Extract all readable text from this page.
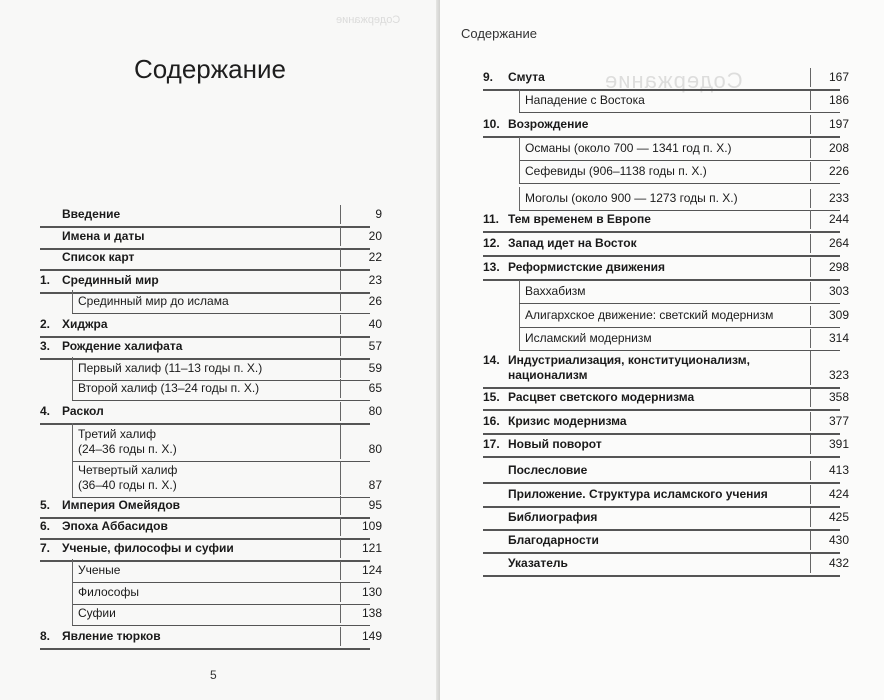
Содержание
Содержание
Введение	9
Имена и даты	20
Список карт	22
1. Срединный мир	23
Срединный мир до ислама	26
2. Хиджра	40
3. Рождение халифата	57
Первый халиф (11–13 годы п. Х.)	59
Второй халиф (13–24 годы п. Х.)	65
4. Раскол	80
Третий халиф
(24–36 годы п. Х.)	80
Четвертый халиф
(36–40 годы п. Х.)	87
5. Империя Омейядов	95
6. Эпоха Аббасидов	109
7. Ученые, философы и суфии	121
Ученые	124
Философы	130
Суфии	138
8. Явление тюрков	149
5
Содержание
Содержание
9. Смута	167
Нападение с Востока	186
10. Возрождение	197
Османы (около 700 — 1341 год п. Х.)	208
Сефевиды (906–1138 годы п. Х.)	226
Моголы (около 900 — 1273 годы п. Х.)	233
11. Тем временем в Европе	244
12. Запад идет на Восток	264
13. Реформистские движения	298
Ваххабизм	303
Алигархское движение: светский модернизм	309
Исламский модернизм	314
14. Индустриализация, конституционализм,
национализм	323
15. Расцвет светского модернизма	358
16. Кризис модернизма	377
17. Новый поворот	391
Послесловие	413
Приложение. Структура исламского учения	424
Библиография	425
Благодарности	430
Указатель	432
